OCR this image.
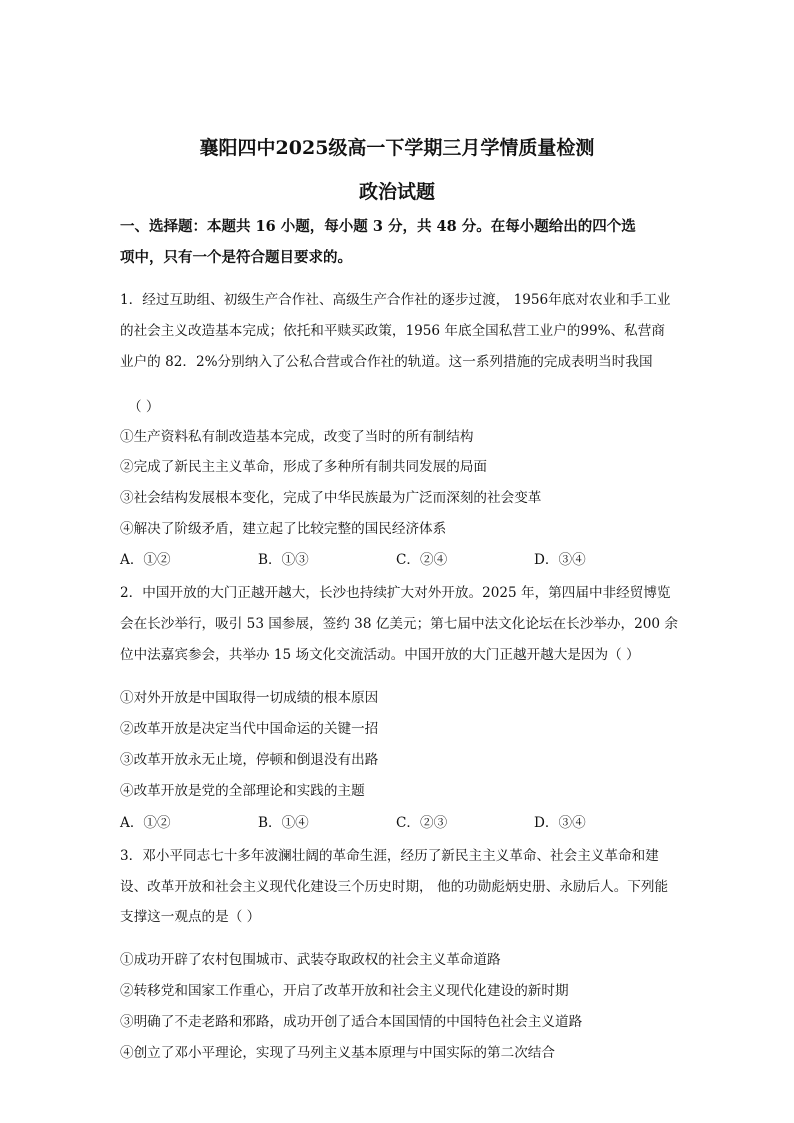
襄阳四中2025级高一下学期三月学情质量检测
政治试题
一、选择题：本题共 16 小题，每小题 3 分，共 48 分。在每小题给出的四个选
项中，只有一个是符合题目要求的。
1．经过互助组、初级生产合作社、高级生产合作社的逐步过渡， 1956年底对农业和手工业
的社会主义改造基本完成；依托和平赎买政策，1956 年底全国私营工业户的99%、私营商
业户的 82．2%分别纳入了公私合营或合作社的轨道。这一系列措施的完成表明当时我国
（ ）
①生产资料私有制改造基本完成，改变了当时的所有制结构
②完成了新民主主义革命，形成了多种所有制共同发展的局面
③社会结构发展根本变化，完成了中华民族最为广泛而深刻的社会变革
④解决了阶级矛盾，建立起了比较完整的国民经济体系
A．①②	B．①③	C．②④	D．③④
2．中国开放的大门正越开越大，长沙也持续扩大对外开放。2025 年，第四届中非经贸博览
会在长沙举行，吸引 53 国参展，签约 38 亿美元；第七届中法文化论坛在长沙举办，200 余
位中法嘉宾参会，共举办 15 场文化交流活动。中国开放的大门正越开越大是因为（ ）
①对外开放是中国取得一切成绩的根本原因
②改革开放是决定当代中国命运的关键一招
③改革开放永无止境，停顿和倒退没有出路
④改革开放是党的全部理论和实践的主题
A．①②	B．①④	C．②③	D．③④
3．邓小平同志七十多年波澜壮阔的革命生涯，经历了新民主主义革命、社会主义革命和建
设、改革开放和社会主义现代化建设三个历史时期， 他的功勋彪炳史册、永励后人。下列能
支撑这一观点的是（ ）
①成功开辟了农村包围城市、武装夺取政权的社会主义革命道路
②转移党和国家工作重心，开启了改革开放和社会主义现代化建设的新时期
③明确了不走老路和邪路，成功开创了适合本国国情的中国特色社会主义道路
④创立了邓小平理论，实现了马列主义基本原理与中国实际的第二次结合
